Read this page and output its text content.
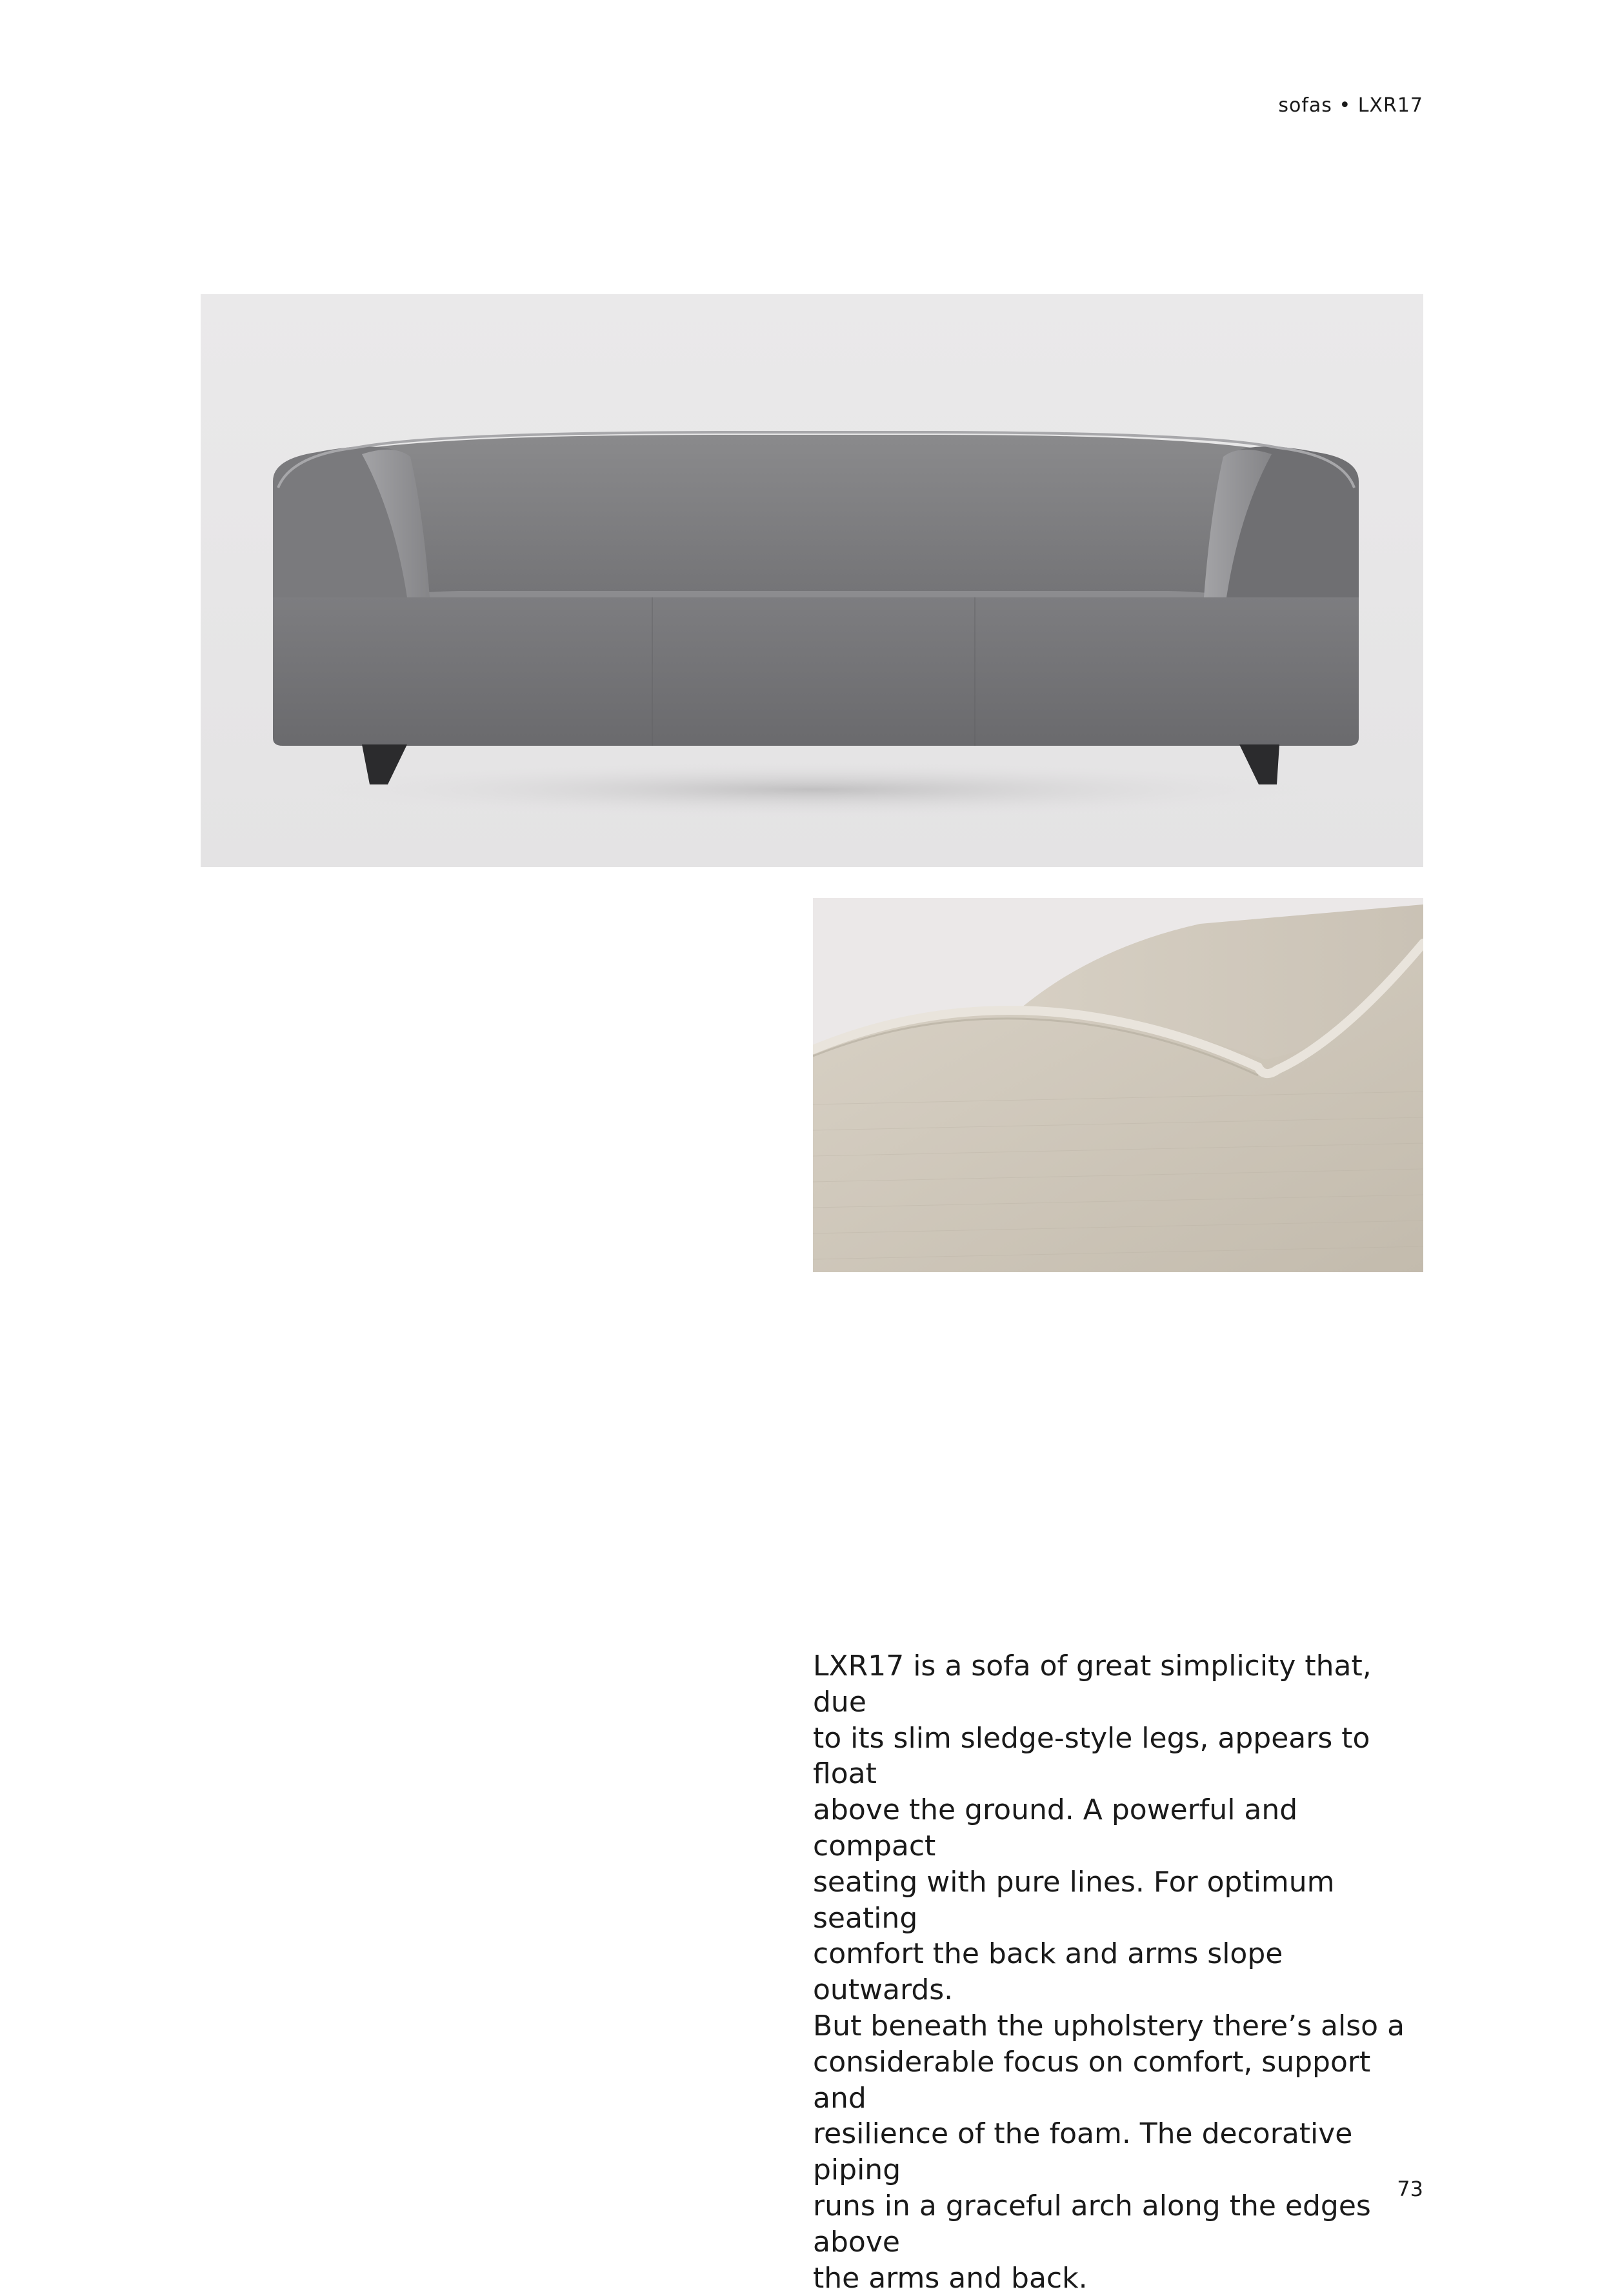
sofas • LXR17
LXR17 is a sofa of great simplicity that, due
to its slim sledge-style legs, appears to float
above the ground. A powerful and compact
seating with pure lines. For optimum seating
comfort the back and arms slope outwards.
But beneath the upholstery there’s also a
considerable focus on comfort, support and
resilience of the foam. The decorative piping
runs in a graceful arch along the edges above
the arms and back.
73
